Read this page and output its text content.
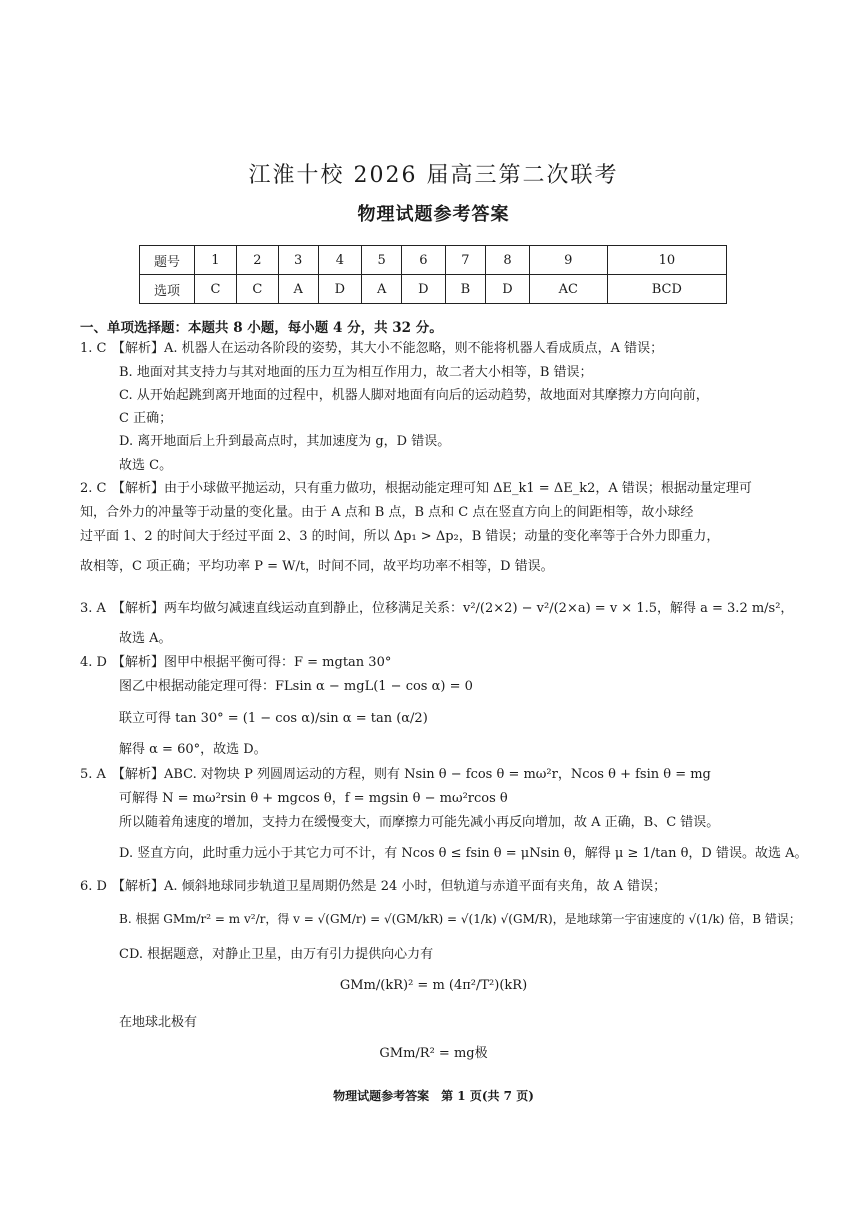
江淮十校 2026 届高三第二次联考
物理试题参考答案
题号	1	2	3	4	5	6	7	8	9	10
选项	C	C	A	D	A	D	B	D	AC	BCD
一、单项选择题：本题共 8 小题，每小题 4 分，共 32 分。
1. C 【解析】A. 机器人在运动各阶段的姿势，其大小不能忽略，则不能将机器人看成质点，A 错误；
B. 地面对其支持力与其对地面的压力互为相互作用力，故二者大小相等，B 错误；
C. 从开始起跳到离开地面的过程中，机器人脚对地面有向后的运动趋势，故地面对其摩擦力方向向前，
C 正确；
D. 离开地面后上升到最高点时，其加速度为 g，D 错误。
故选 C。
2. C 【解析】由于小球做平抛运动，只有重力做功，根据动能定理可知 ΔE_k1 = ΔE_k2，A 错误；根据动量定理可
知，合外力的冲量等于动量的变化量。由于 A 点和 B 点，B 点和 C 点在竖直方向上的间距相等，故小球经
过平面 1、2 的时间大于经过平面 2、3 的时间，所以 Δp₁ > Δp₂，B 错误；动量的变化率等于合外力即重力，
故相等，C 项正确；平均功率 P = W/t，时间不同，故平均功率不相等，D 错误。
3. A 【解析】两车均做匀减速直线运动直到静止，位移满足关系：v²/(2×2) − v²/(2×a) = v × 1.5，解得 a = 3.2 m/s²，
故选 A。
4. D 【解析】图甲中根据平衡可得：F = mgtan 30°
图乙中根据动能定理可得：FLsin α − mgL(1 − cos α) = 0
联立可得 tan 30° = (1 − cos α)/sin α = tan (α/2)
解得 α = 60°，故选 D。
5. A 【解析】ABC. 对物块 P 列圆周运动的方程，则有 Nsin θ − fcos θ = mω²r，Ncos θ + fsin θ = mg
可解得 N = mω²rsin θ + mgcos θ，f = mgsin θ − mω²rcos θ
所以随着角速度的增加，支持力在缓慢变大，而摩擦力可能先减小再反向增加，故 A 正确，B、C 错误。
D. 竖直方向，此时重力远小于其它力可不计，有 Ncos θ ≤ fsin θ = μNsin θ，解得 μ ≥ 1/tan θ，D 错误。故选 A。
6. D 【解析】A. 倾斜地球同步轨道卫星周期仍然是 24 小时，但轨道与赤道平面有夹角，故 A 错误；
B. 根据 GMm/r² = m v²/r，得 v = √(GM/r) = √(GM/kR) = √(1/k) √(GM/R)，是地球第一宇宙速度的 √(1/k) 倍，B 错误；
CD. 根据题意，对静止卫星，由万有引力提供向心力有
GMm/(kR)² = m (4π²/T²)(kR)
在地球北极有
GMm/R² = mg极
物理试题参考答案　第 1 页(共 7 页)
